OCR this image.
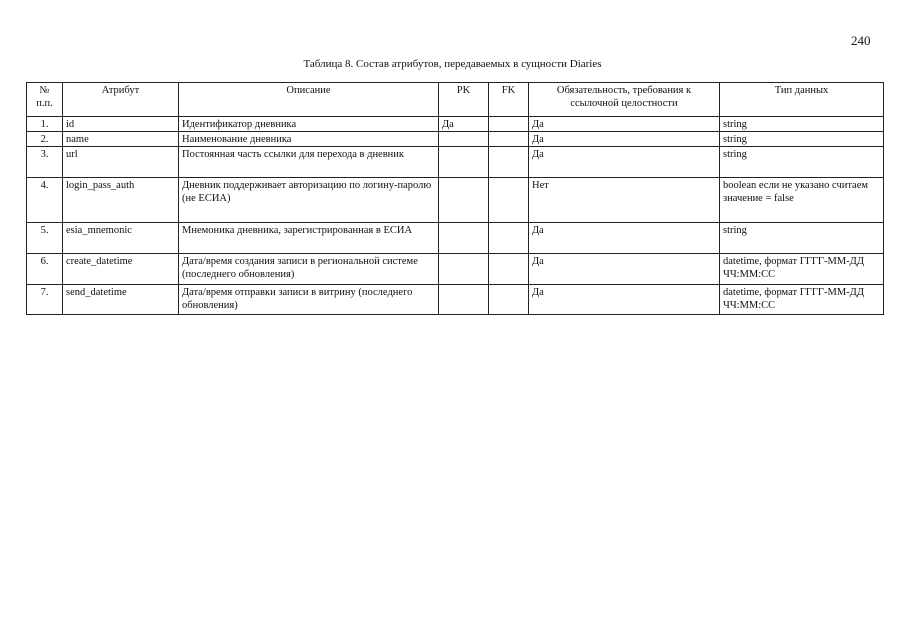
240
Таблица 8. Состав атрибутов, передаваемых в сущности Diaries
№ п.п.	Атрибут	Описание	PK	FK	Обязательность, требования к ссылочной целостности	Тип данных
1.	id	Идентификатор дневника	Да		Да	string
2.	name	Наименование дневника			Да	string
3.	url	Постоянная часть ссылки для перехода в дневник			Да	string
4.	login_pass_auth	Дневник поддерживает авторизацию по логину-паролю (не ЕСИА)			Нет	boolean если не указано считаем значение = false
5.	esia_mnemonic	Мнемоника дневника, зарегистрированная в ЕСИА			Да	string
6.	create_datetime	Дата/время создания записи в региональной системе (последнего обновления)			Да	datetime, формат ГГГГ-ММ-ДД ЧЧ:ММ:СС
7.	send_datetime	Дата/время отправки записи в витрину (последнего обновления)			Да	datetime, формат ГГГГ-ММ-ДД ЧЧ:ММ:СС
